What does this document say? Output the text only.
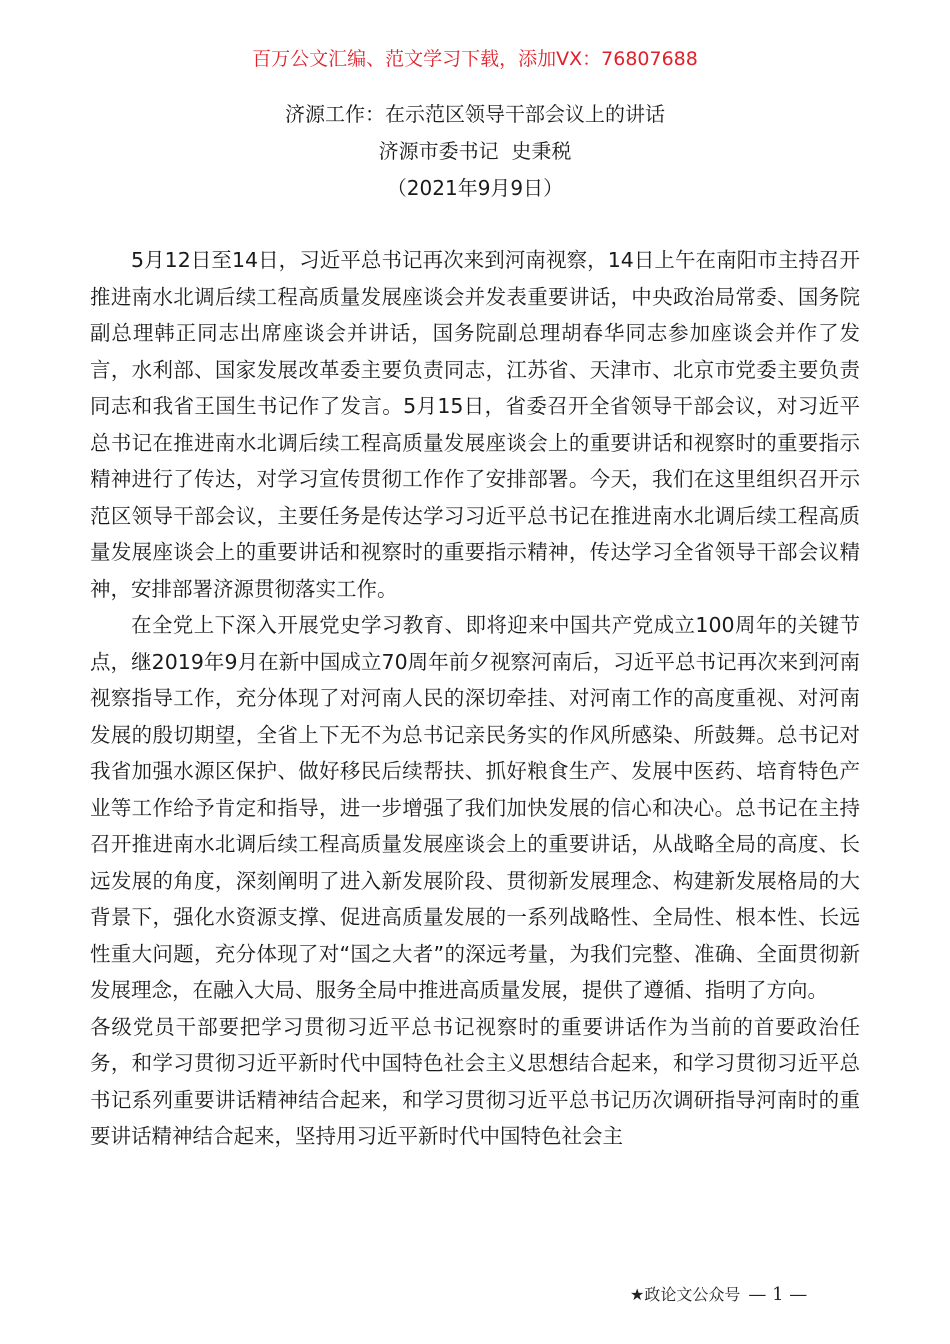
百万公文汇编、范文学习下载，添加VX：76807688
济源工作：在示范区领导干部会议上的讲话
济源市委书记  史秉税
（2021年9月9日）

5月12日至14日，习近平总书记再次来到河南视察，14日上午在南阳市主持召开推进南水北调后续工程高质量发展座谈会并发表重要讲话，中央政治局常委、国务院副总理韩正同志出席座谈会并讲话，国务院副总理胡春华同志参加座谈会并作了发言，水利部、国家发展改革委主要负责同志，江苏省、天津市、北京市党委主要负责同志和我省王国生书记作了发言。5月15日，省委召开全省领导干部会议，对习近平总书记在推进南水北调后续工程高质量发展座谈会上的重要讲话和视察时的重要指示精神进行了传达，对学习宣传贯彻工作作了安排部署。今天，我们在这里组织召开示范区领导干部会议，主要任务是传达学习习近平总书记在推进南水北调后续工程高质量发展座谈会上的重要讲话和视察时的重要指示精神，传达学习全省领导干部会议精神，安排部署济源贯彻落实工作。

在全党上下深入开展党史学习教育、即将迎来中国共产党成立100周年的关键节点，继2019年9月在新中国成立70周年前夕视察河南后，习近平总书记再次来到河南视察指导工作，充分体现了对河南人民的深切牵挂、对河南工作的高度重视、对河南发展的殷切期望，全省上下无不为总书记亲民务实的作风所感染、所鼓舞。总书记对我省加强水源区保护、做好移民后续帮扶、抓好粮食生产、发展中医药、培育特色产业等工作给予肯定和指导，进一步增强了我们加快发展的信心和决心。总书记在主持召开推进南水北调后续工程高质量发展座谈会上的重要讲话，从战略全局的高度、长远发展的角度，深刻阐明了进入新发展阶段、贯彻新发展理念、构建新发展格局的大背景下，强化水资源支撑、促进高质量发展的一系列战略性、全局性、根本性、长远性重大问题，充分体现了对“国之大者”的深远考量，为我们完整、准确、全面贯彻新发展理念，在融入大局、服务全局中推进高质量发展，提供了遵循、指明了方向。

各级党员干部要把学习贯彻习近平总书记视察时的重要讲话作为当前的首要政治任务，和学习贯彻习近平新时代中国特色社会主义思想结合起来，和学习贯彻习近平总书记系列重要讲话精神结合起来，和学习贯彻习近平总书记历次调研指导河南时的重要讲话精神结合起来，坚持用习近平新时代中国特色社会主

★政论文公众号 — 1 —
